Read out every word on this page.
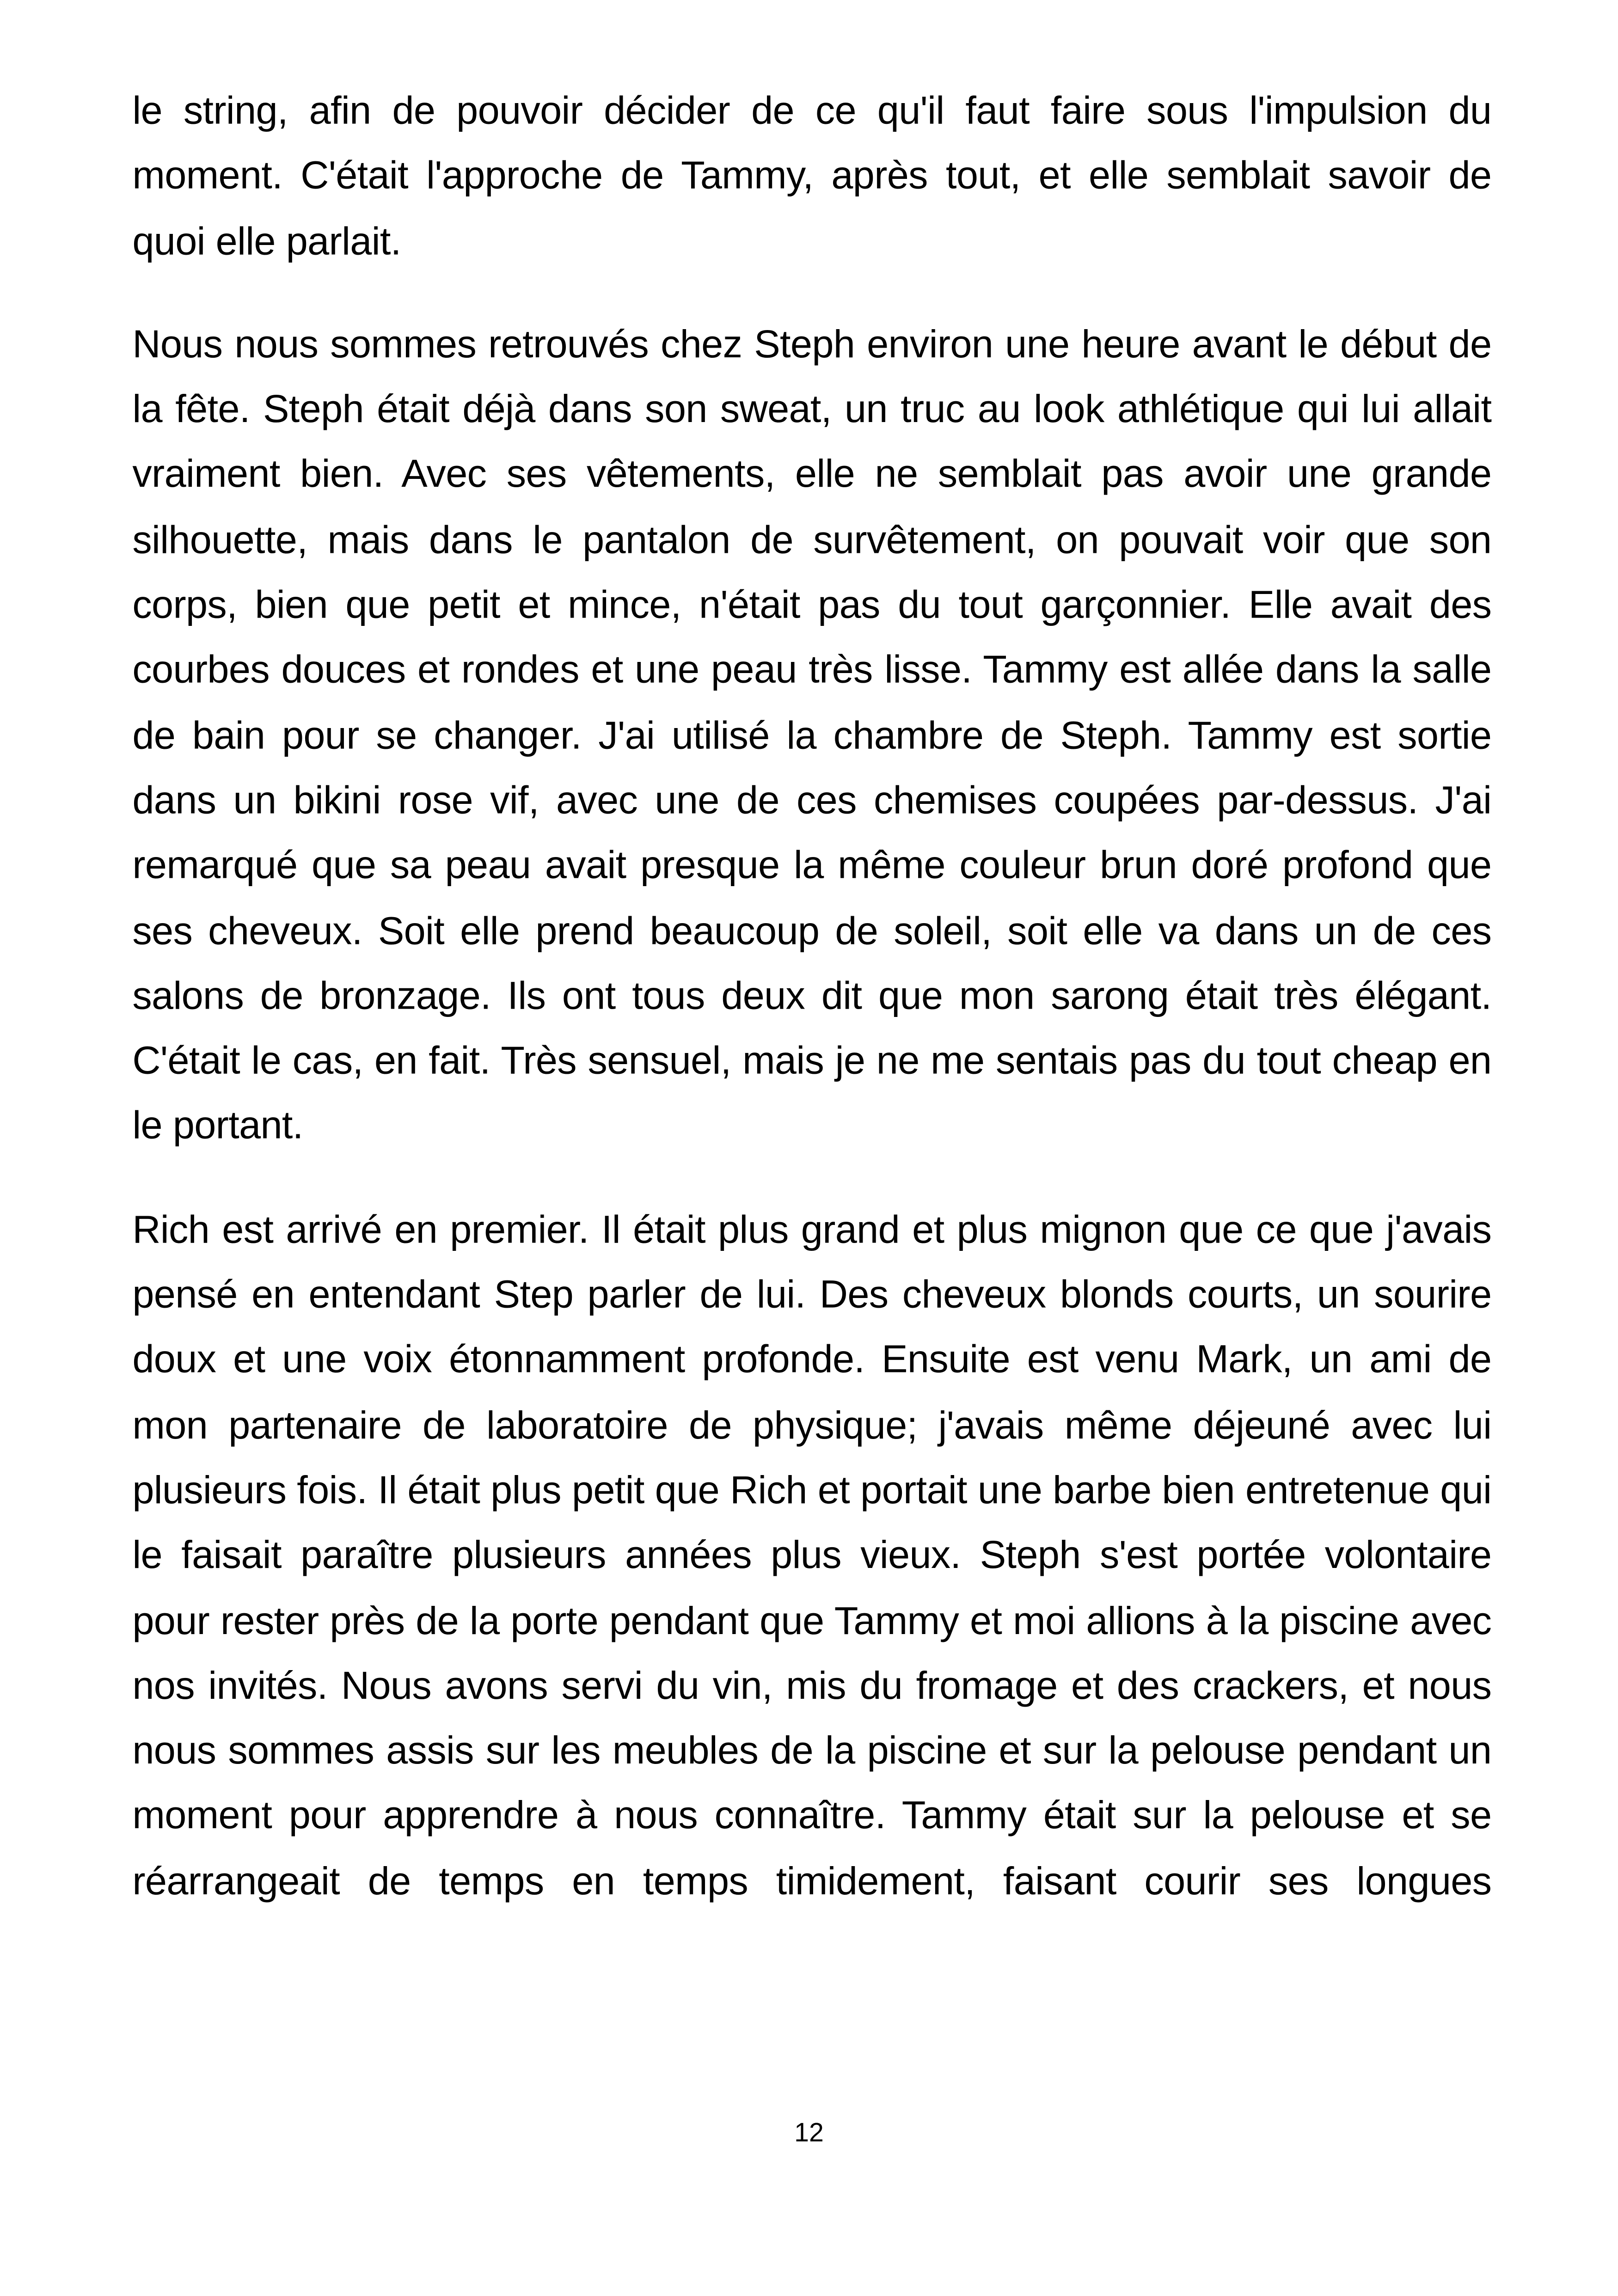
le string, afin de pouvoir décider de ce qu'il faut faire sous l'impulsion du moment. C'était l'approche de Tammy, après tout, et elle semblait savoir de quoi elle parlait.

Nous nous sommes retrouvés chez Steph environ une heure avant le début de la fête. Steph était déjà dans son sweat, un truc au look athlétique qui lui allait vraiment bien. Avec ses vêtements, elle ne semblait pas avoir une grande silhouette, mais dans le pantalon de survêtement, on pouvait voir que son corps, bien que petit et mince, n'était pas du tout garçonnier. Elle avait des courbes douces et rondes et une peau très lisse. Tammy est allée dans la salle de bain pour se changer. J'ai utilisé la chambre de Steph. Tammy est sortie dans un bikini rose vif, avec une de ces chemises coupées par-dessus. J'ai remarqué que sa peau avait presque la même couleur brun doré profond que ses cheveux. Soit elle prend beaucoup de soleil, soit elle va dans un de ces salons de bronzage. Ils ont tous deux dit que mon sarong était très élégant. C'était le cas, en fait. Très sensuel, mais je ne me sentais pas du tout cheap en le portant.

Rich est arrivé en premier. Il était plus grand et plus mignon que ce que j'avais pensé en entendant Step parler de lui. Des cheveux blonds courts, un sourire doux et une voix étonnamment profonde. Ensuite est venu Mark, un ami de mon partenaire de laboratoire de physique; j'avais même déjeuné avec lui plusieurs fois. Il était plus petit que Rich et portait une barbe bien entretenue qui le faisait paraître plusieurs années plus vieux. Steph s'est portée volontaire pour rester près de la porte pendant que Tammy et moi allions à la piscine avec nos invités. Nous avons servi du vin, mis du fromage et des crackers, et nous nous sommes assis sur les meubles de la piscine et sur la pelouse pendant un moment pour apprendre à nous connaître. Tammy était sur la pelouse et se réarrangeait de temps en temps timidement, faisant courir ses longues

12
